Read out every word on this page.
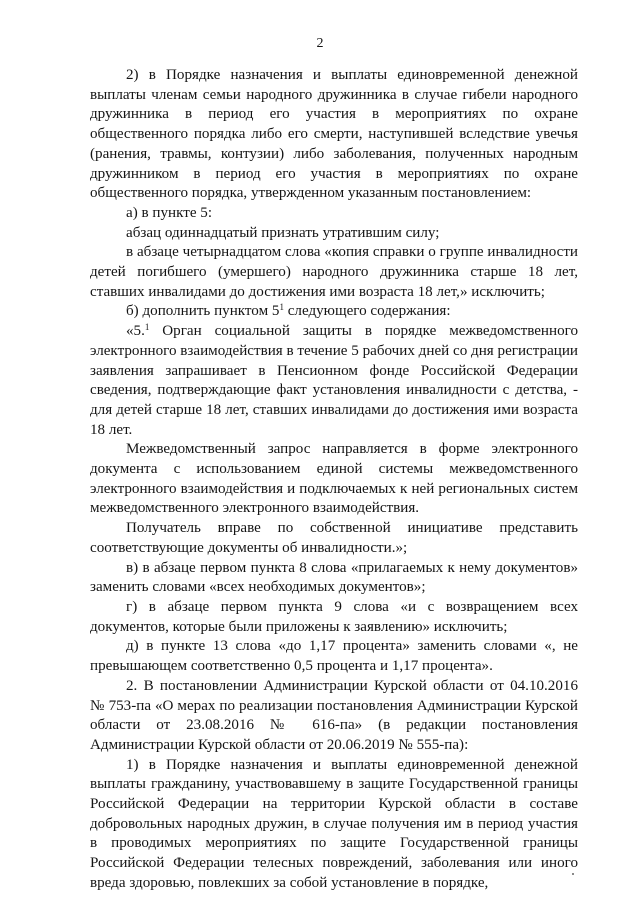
2

2) в Порядке назначения и выплаты единовременной денежной выплаты членам семьи народного дружинника в случае гибели народного дружинника в период его участия в мероприятиях по охране общественного порядка либо его смерти, наступившей вследствие увечья (ранения, травмы, контузии) либо заболевания, полученных народным дружинником в период его участия в мероприятиях по охране общественного порядка, утвержденном указанным постановлением:

а) в пункте 5:

абзац одиннадцатый признать утратившим силу;

в абзаце четырнадцатом слова «копия справки о группе инвалидности детей погибшего (умершего) народного дружинника старше 18 лет, ставших инвалидами до достижения ими возраста 18 лет,» исключить;

б) дополнить пунктом $5^1$ следующего содержания:

«5.$^1$ Орган социальной защиты в порядке межведомственного электронного взаимодействия в течение 5 рабочих дней со дня регистрации заявления запрашивает в Пенсионном фонде Российской Федерации сведения, подтверждающие факт установления инвалидности с детства, - для детей старше 18 лет, ставших инвалидами до достижения ими возраста 18 лет.

Межведомственный запрос направляется в форме электронного документа с использованием единой системы межведомственного электронного взаимодействия и подключаемых к ней региональных систем межведомственного электронного взаимодействия.

Получатель вправе по собственной инициативе представить соответствующие документы об инвалидности.»;

в) в абзаце первом пункта 8 слова «прилагаемых к нему документов» заменить словами «всех необходимых документов»;

г) в абзаце первом пункта 9 слова «и с возвращением всех документов, которые были приложены к заявлению» исключить;

д) в пункте 13 слова «до 1,17 процента» заменить словами «, не превышающем соответственно 0,5 процента и 1,17 процента».

2. В постановлении Администрации Курской области от 04.10.2016 № 753-па «О мерах по реализации постановления Администрации Курской области от 23.08.2016 № 616-па» (в редакции постановления Администрации Курской области от 20.06.2019 № 555-па):

1) в Порядке назначения и выплаты единовременной денежной выплаты гражданину, участвовавшему в защите Государственной границы Российской Федерации на территории Курской области в составе добровольных народных дружин, в случае получения им в период участия в проводимых мероприятиях по защите Государственной границы Российской Федерации телесных повреждений, заболевания или иного вреда здоровью, повлекших за собой установление в порядке,
